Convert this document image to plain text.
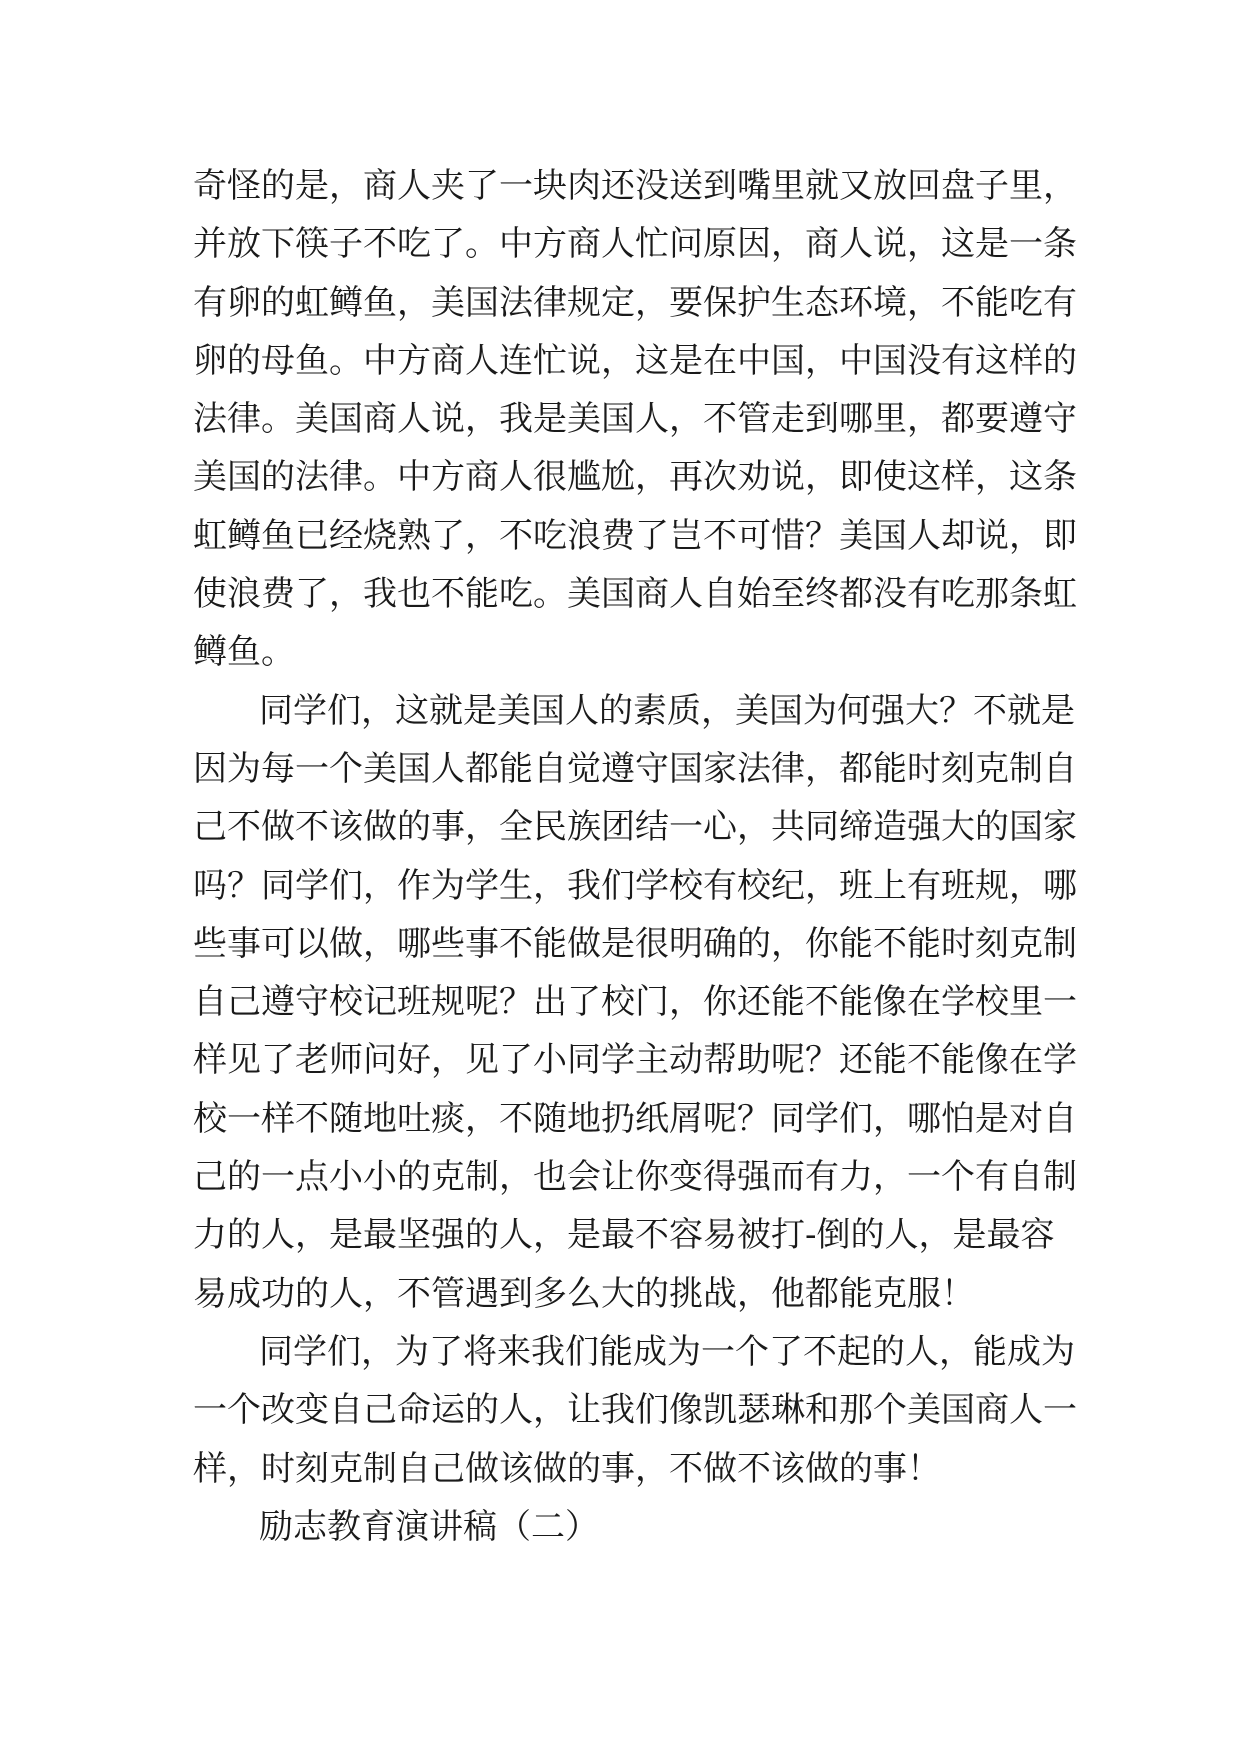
奇怪的是，商人夹了一块肉还没送到嘴里就又放回盘子里，
并放下筷子不吃了。中方商人忙问原因，商人说，这是一条
有卵的虹鳟鱼，美国法律规定，要保护生态环境，不能吃有
卵的母鱼。中方商人连忙说，这是在中国，中国没有这样的
法律。美国商人说，我是美国人，不管走到哪里，都要遵守
美国的法律。中方商人很尴尬，再次劝说，即使这样，这条
虹鳟鱼已经烧熟了，不吃浪费了岂不可惜？美国人却说，即
使浪费了，我也不能吃。美国商人自始至终都没有吃那条虹
鳟鱼。
同学们，这就是美国人的素质，美国为何强大？不就是
因为每一个美国人都能自觉遵守国家法律，都能时刻克制自
己不做不该做的事，全民族团结一心，共同缔造强大的国家
吗？同学们，作为学生，我们学校有校纪，班上有班规，哪
些事可以做，哪些事不能做是很明确的，你能不能时刻克制
自己遵守校记班规呢？出了校门，你还能不能像在学校里一
样见了老师问好，见了小同学主动帮助呢？还能不能像在学
校一样不随地吐痰，不随地扔纸屑呢？同学们，哪怕是对自
己的一点小小的克制，也会让你变得强而有力，一个有自制
力的人，是最坚强的人，是最不容易被打-倒的人，是最容
易成功的人，不管遇到多么大的挑战，他都能克服！
同学们，为了将来我们能成为一个了不起的人，能成为
一个改变自己命运的人，让我们像凯瑟琳和那个美国商人一
样，时刻克制自己做该做的事，不做不该做的事！
励志教育演讲稿（二）
